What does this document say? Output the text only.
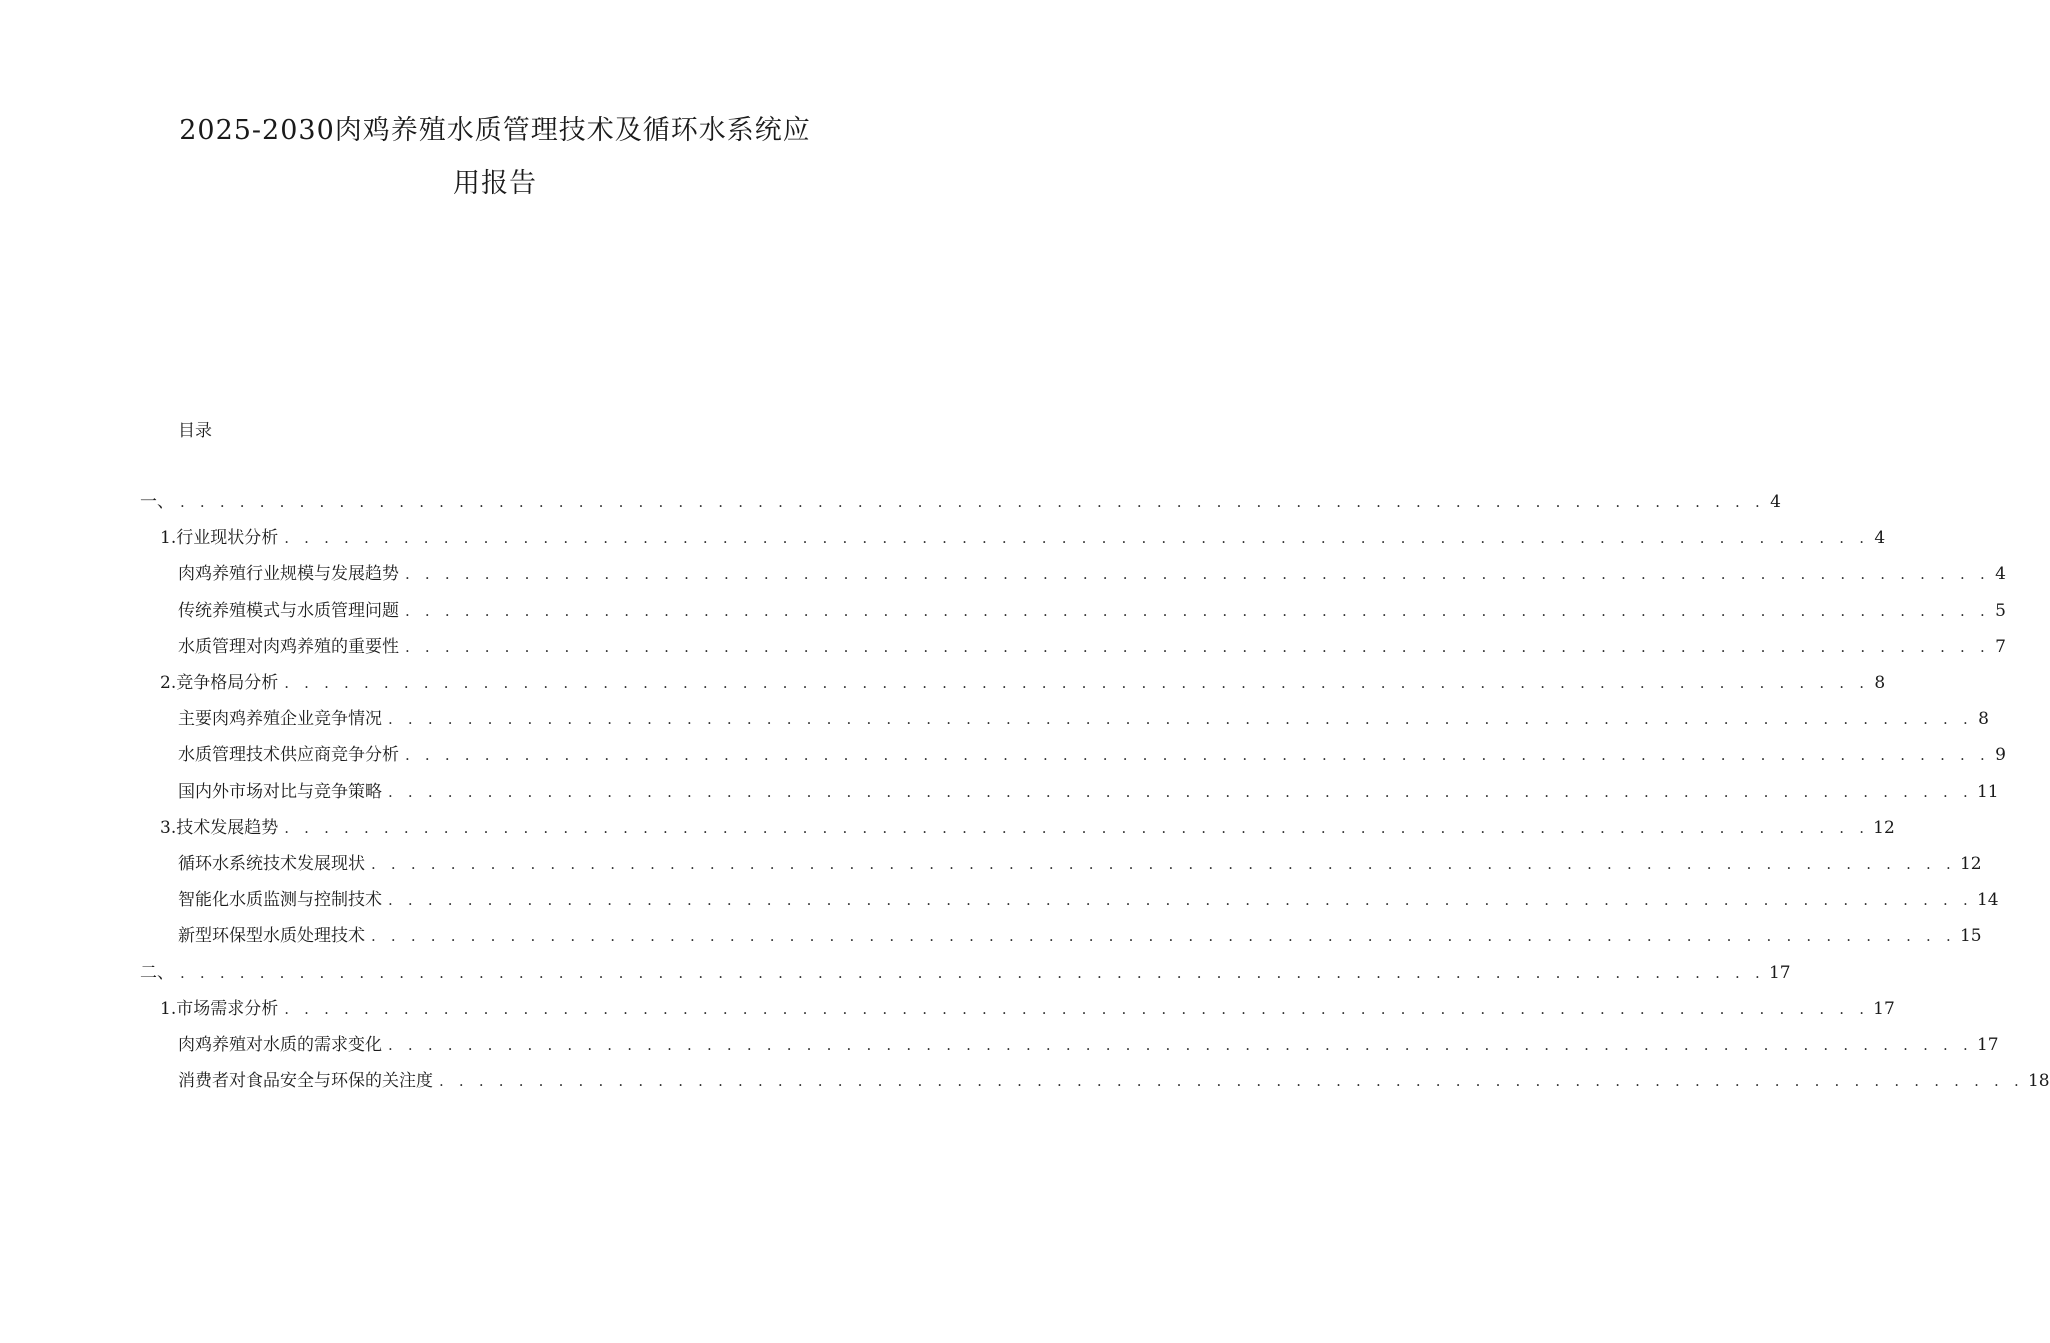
2025-2030肉鸡养殖水质管理技术及循环水系统应
用报告
目录
一、 . . . . . . . . . . . . . . . . . . . . . . . . . . . . . . . . . . . . . . . . . . . . . . . . . . . . . . . . . . . . . . . . . . . . . . . . . . . . . . . . 4
1. 行业现状分析 . . . . . . . . . . . . . . . . . . . . . . . . . . . . . . . . . . . . . . . . . . . . . . . . . . . . . . . . . . . . . . . . . . . . . . . . . . . . . . . . 4
肉鸡养殖行业规模与发展趋势 . . . . . . . . . . . . . . . . . . . . . . . . . . . . . . . . . . . . . . . . . . . . . . . . . . . . . . . . . . . . . . . . . . . . . . . . . . . . . . . . 4
传统养殖模式与水质管理问题 . . . . . . . . . . . . . . . . . . . . . . . . . . . . . . . . . . . . . . . . . . . . . . . . . . . . . . . . . . . . . . . . . . . . . . . . . . . . . . . . 5
水质管理对肉鸡养殖的重要性 . . . . . . . . . . . . . . . . . . . . . . . . . . . . . . . . . . . . . . . . . . . . . . . . . . . . . . . . . . . . . . . . . . . . . . . . . . . . . . . . 7
2. 竞争格局分析 . . . . . . . . . . . . . . . . . . . . . . . . . . . . . . . . . . . . . . . . . . . . . . . . . . . . . . . . . . . . . . . . . . . . . . . . . . . . . . . . 8
主要肉鸡养殖企业竞争情况 . . . . . . . . . . . . . . . . . . . . . . . . . . . . . . . . . . . . . . . . . . . . . . . . . . . . . . . . . . . . . . . . . . . . . . . . . . . . . . . . 8
水质管理技术供应商竞争分析 . . . . . . . . . . . . . . . . . . . . . . . . . . . . . . . . . . . . . . . . . . . . . . . . . . . . . . . . . . . . . . . . . . . . . . . . . . . . . . . . 9
国内外市场对比与竞争策略 . . . . . . . . . . . . . . . . . . . . . . . . . . . . . . . . . . . . . . . . . . . . . . . . . . . . . . . . . . . . . . . . . . . . . . . . . . . . . . . . 11
3. 技术发展趋势 . . . . . . . . . . . . . . . . . . . . . . . . . . . . . . . . . . . . . . . . . . . . . . . . . . . . . . . . . . . . . . . . . . . . . . . . . . . . . . . . 12
循环水系统技术发展现状 . . . . . . . . . . . . . . . . . . . . . . . . . . . . . . . . . . . . . . . . . . . . . . . . . . . . . . . . . . . . . . . . . . . . . . . . . . . . . . . . 12
智能化水质监测与控制技术 . . . . . . . . . . . . . . . . . . . . . . . . . . . . . . . . . . . . . . . . . . . . . . . . . . . . . . . . . . . . . . . . . . . . . . . . . . . . . . . . 14
新型环保型水质处理技术 . . . . . . . . . . . . . . . . . . . . . . . . . . . . . . . . . . . . . . . . . . . . . . . . . . . . . . . . . . . . . . . . . . . . . . . . . . . . . . . . 15
二、 . . . . . . . . . . . . . . . . . . . . . . . . . . . . . . . . . . . . . . . . . . . . . . . . . . . . . . . . . . . . . . . . . . . . . . . . . . . . . . . . 17
1. 市场需求分析 . . . . . . . . . . . . . . . . . . . . . . . . . . . . . . . . . . . . . . . . . . . . . . . . . . . . . . . . . . . . . . . . . . . . . . . . . . . . . . . . 17
肉鸡养殖对水质的需求变化 . . . . . . . . . . . . . . . . . . . . . . . . . . . . . . . . . . . . . . . . . . . . . . . . . . . . . . . . . . . . . . . . . . . . . . . . . . . . . . . . 17
消费者对食品安全与环保的关注度 . . . . . . . . . . . . . . . . . . . . . . . . . . . . . . . . . . . . . . . . . . . . . . . . . . . . . . . . . . . . . . . . . . . . . . . . . . . . . . . . 18
